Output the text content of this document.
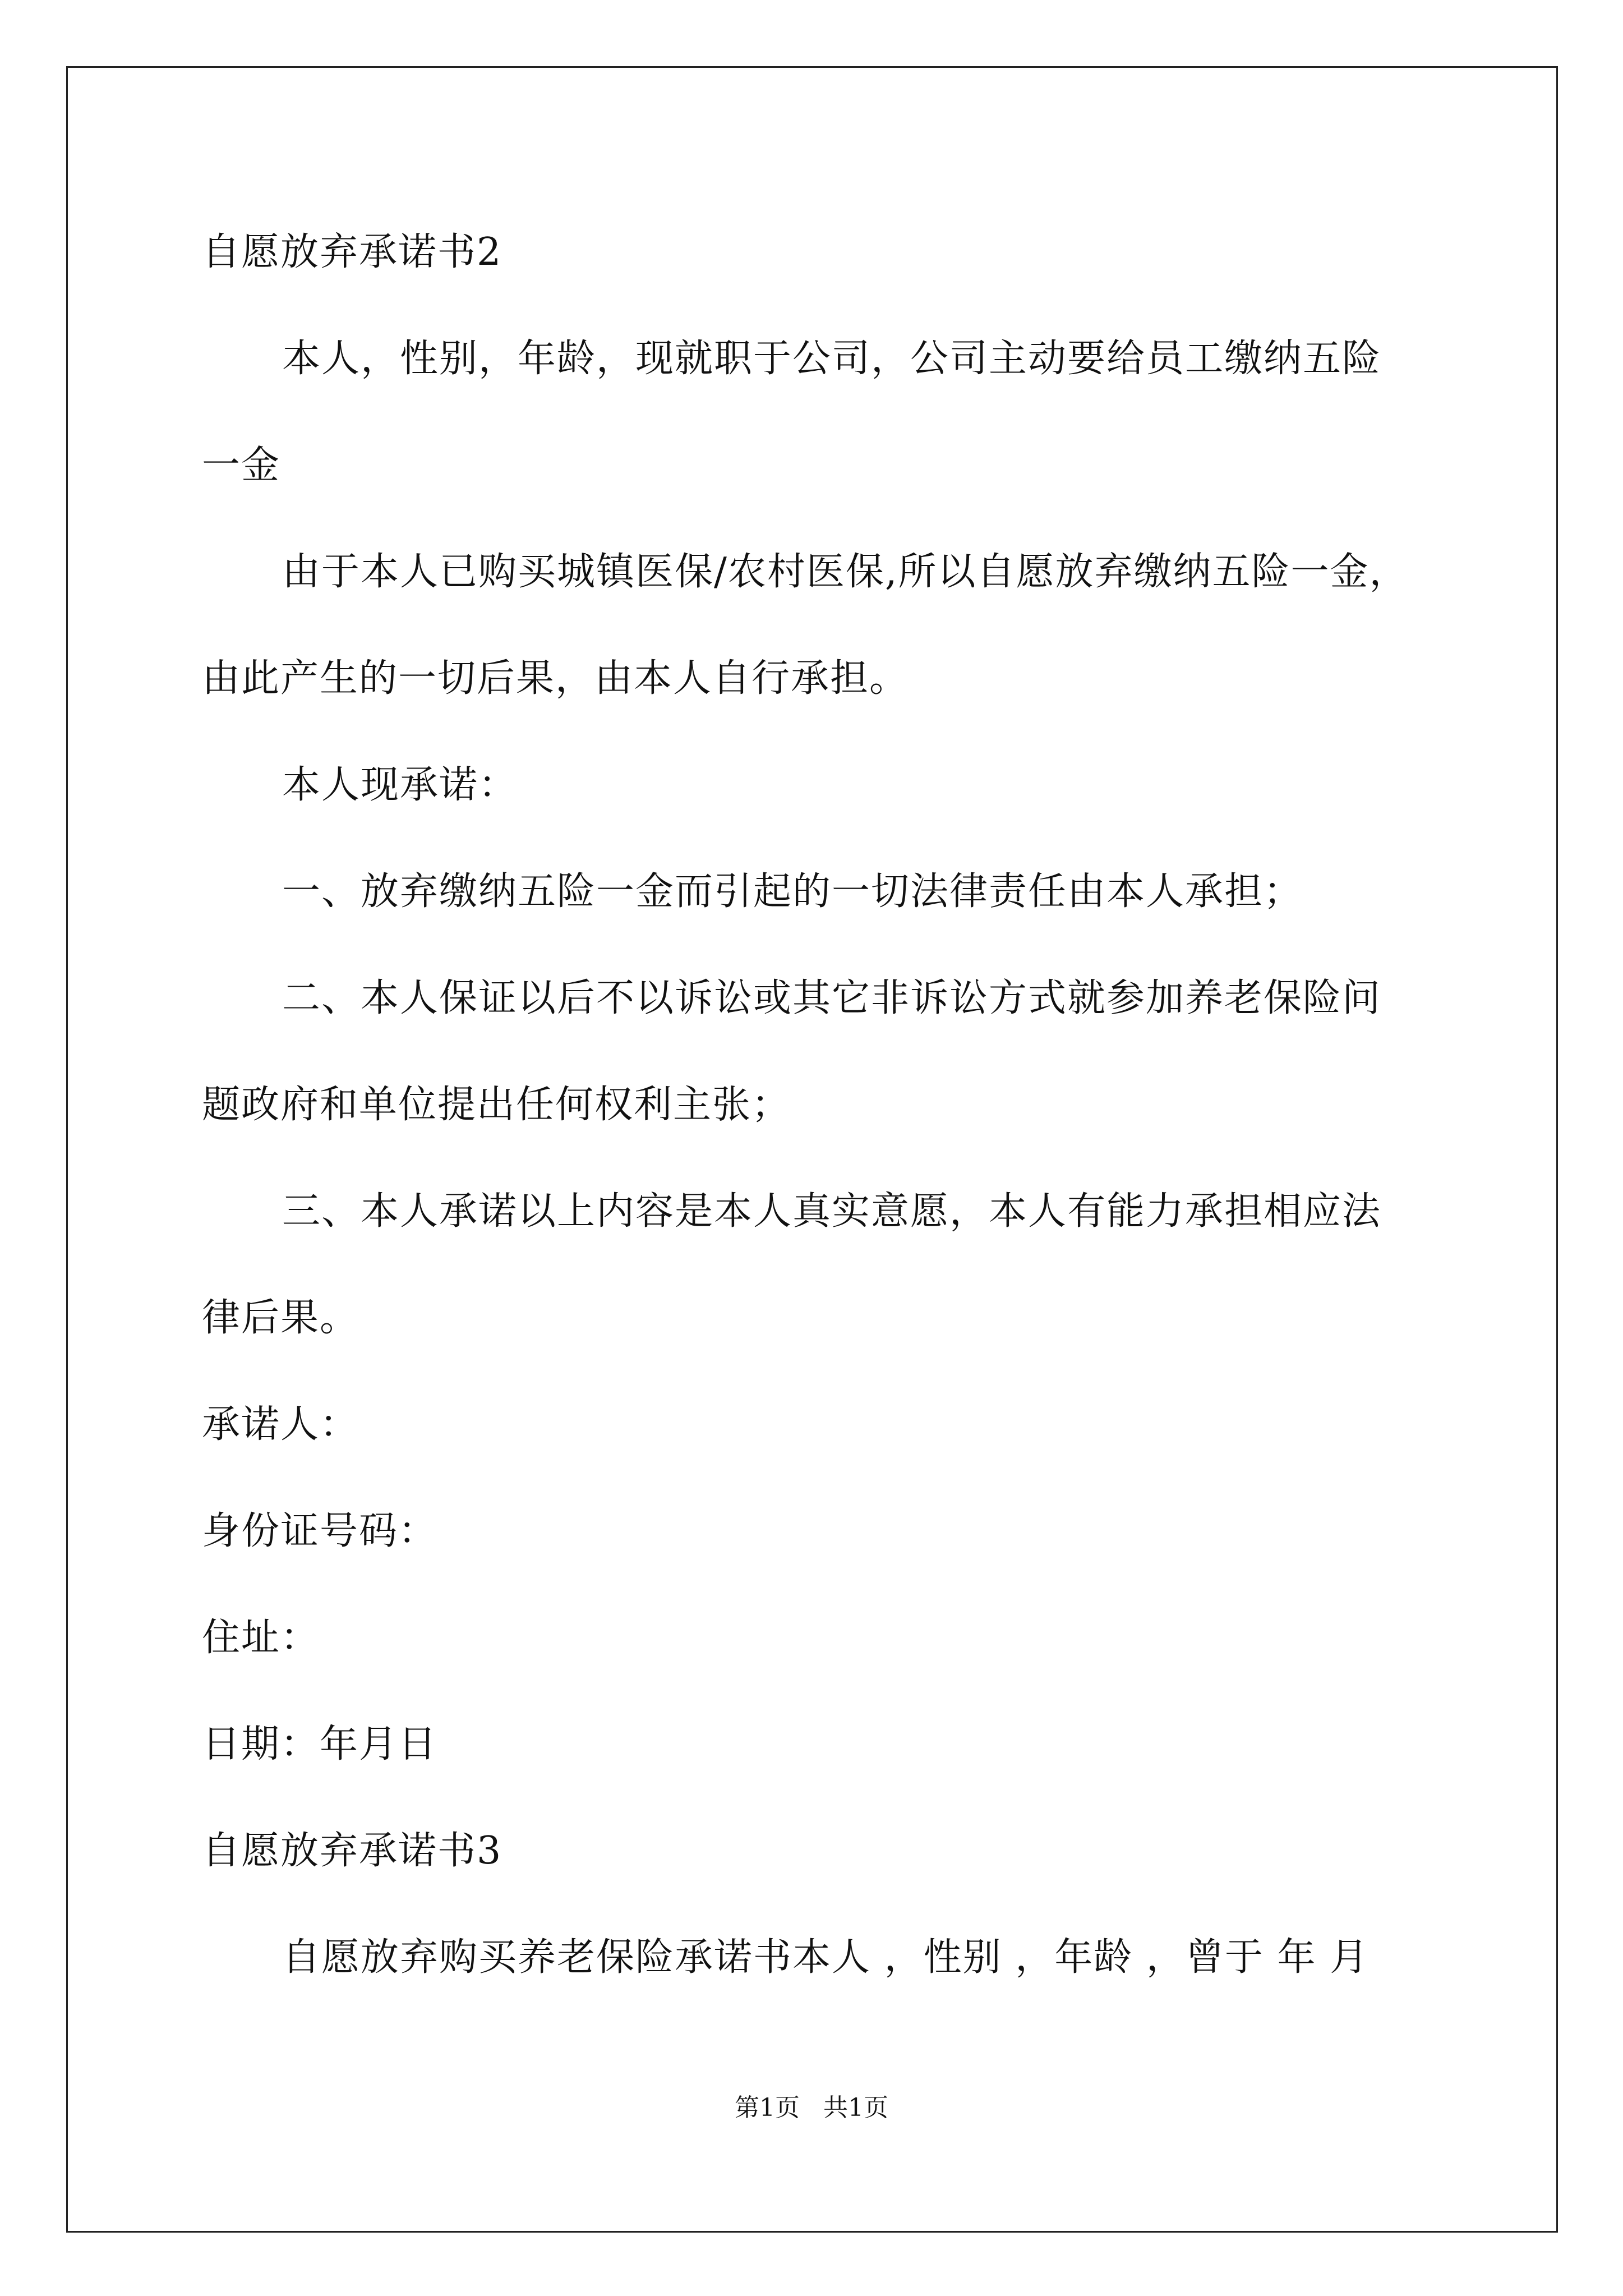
自愿放弃承诺书2
本人，性别，年龄，现就职于公司，公司主动要给员工缴纳五险
一金
由于本人已购买城镇医保/农村医保,所以自愿放弃缴纳五险一金，
由此产生的一切后果，由本人自行承担。
本人现承诺：
一、放弃缴纳五险一金而引起的一切法律责任由本人承担；
二、本人保证以后不以诉讼或其它非诉讼方式就参加养老保险问
题政府和单位提出任何权利主张；
三、本人承诺以上内容是本人真实意愿，本人有能力承担相应法
律后果。
承诺人：
身份证号码：
住址：
日期：年月日
自愿放弃承诺书3
自愿放弃购买养老保险承诺书本人 ，性别 ，年龄 ，曾于 年 月
第1页   共1页
